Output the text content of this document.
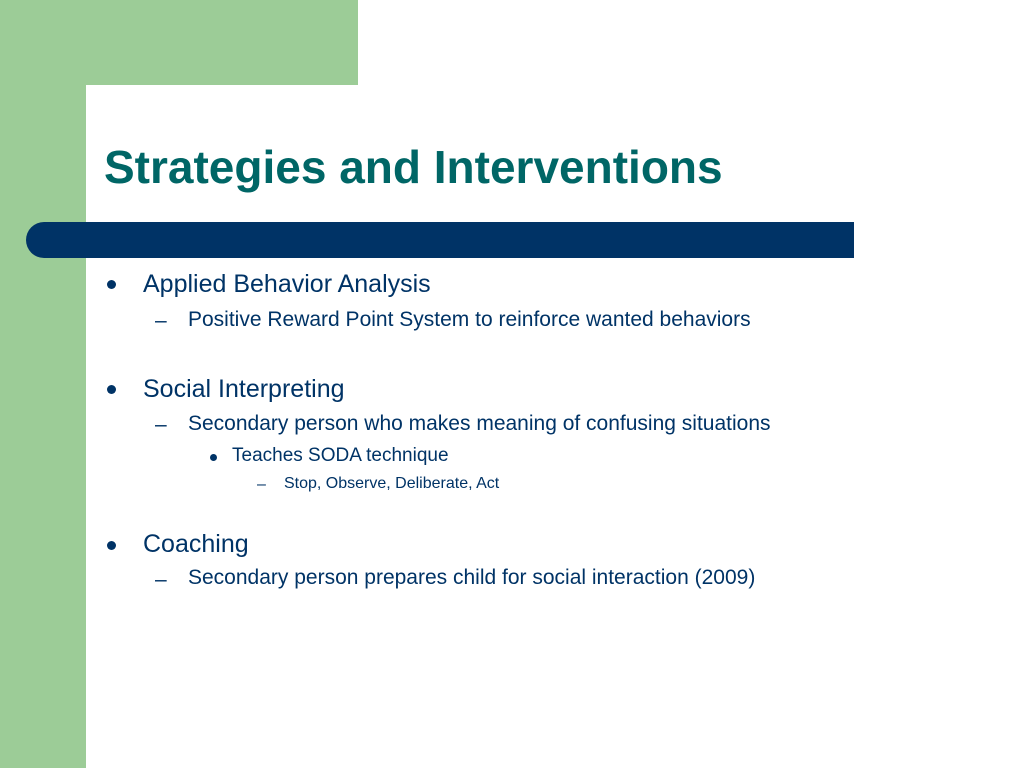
Strategies and Interventions
Applied Behavior Analysis
– Positive Reward Point System to reinforce wanted behaviors
Social Interpreting
– Secondary person who makes meaning of confusing situations
Teaches SODA technique
– Stop, Observe, Deliberate, Act
Coaching
– Secondary person prepares child for social interaction (2009)
